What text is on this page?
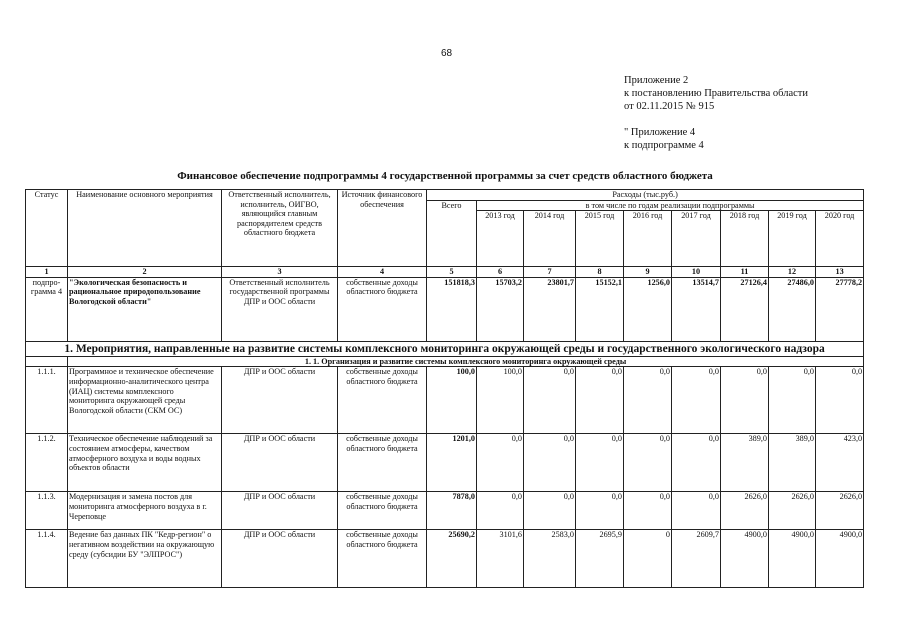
68
Приложение 2
к постановлению Правительства области
от 02.11.2015 № 915
" Приложение 4
к подпрограмме 4
Финансовое обеспечение подпрограммы 4 государственной программы за счет средств областного бюджета
Статус	Наименование основного мероприятия	Ответственный исполнитель, исполнитель, ОИГВО, являющийся главным распорядителем средств областного бюджета	Источник финансового обеспечения	Расходы (тыс.руб.)								
				Всего	в том числе по годам реализации подпрограммы							
					2013 год	2014 год	2015 год	2016 год	2017 год	2018 год	2019 год	2020 год
1	2	3	4	5	6	7	8	9	10	11	12	13
подпро-грамма 4	"Экологическая безопасность и рациональное природопользование Вологодской области"	Ответственный исполнитель государственной программы ДПР и ООС области	собственные доходы областного бюджета	151818,3	15703,2	23801,7	15152,1	1256,0	13514,7	27126,4	27486,0	27778,2
1. Мероприятия, направленные на развитие системы комплексного мониторинга окружающей среды и государственного экологического надзора												
	1. 1. Организация и развитие системы комплексного мониторинга окружающей среды											
1.1.1.	Программное и техническое обеспечение информационно-аналитического центра (ИАЦ) системы комплексного мониторинга окружающей среды Вологодской области (СКМ ОС)	ДПР и ООС области	собственные доходы областного бюджета	100,0	100,0	0,0	0,0	0,0	0,0	0,0	0,0	0,0
1.1.2.	Техническое обеспечение наблюдений за состоянием атмосферы, качеством атмосферного воздуха и воды водных объектов области	ДПР и ООС области	собственные доходы областного бюджета	1201,0	0,0	0,0	0,0	0,0	0,0	389,0	389,0	423,0
1.1.3.	Модернизация и замена постов для мониторинга атмосферного воздуха в г. Череповце	ДПР и ООС области	собственные доходы областного бюджета	7878,0	0,0	0,0	0,0	0,0	0,0	2626,0	2626,0	2626,0
1.1.4.	Ведение баз данных ПК "Кедр-регион" о негативном воздействии на окружающую среду (субсидии БУ "ЭЛПРОС")	ДПР и ООС области	собственные доходы областного бюджета	25690,2	3101,6	2583,0	2695,9	0	2609,7	4900,0	4900,0	4900,0
